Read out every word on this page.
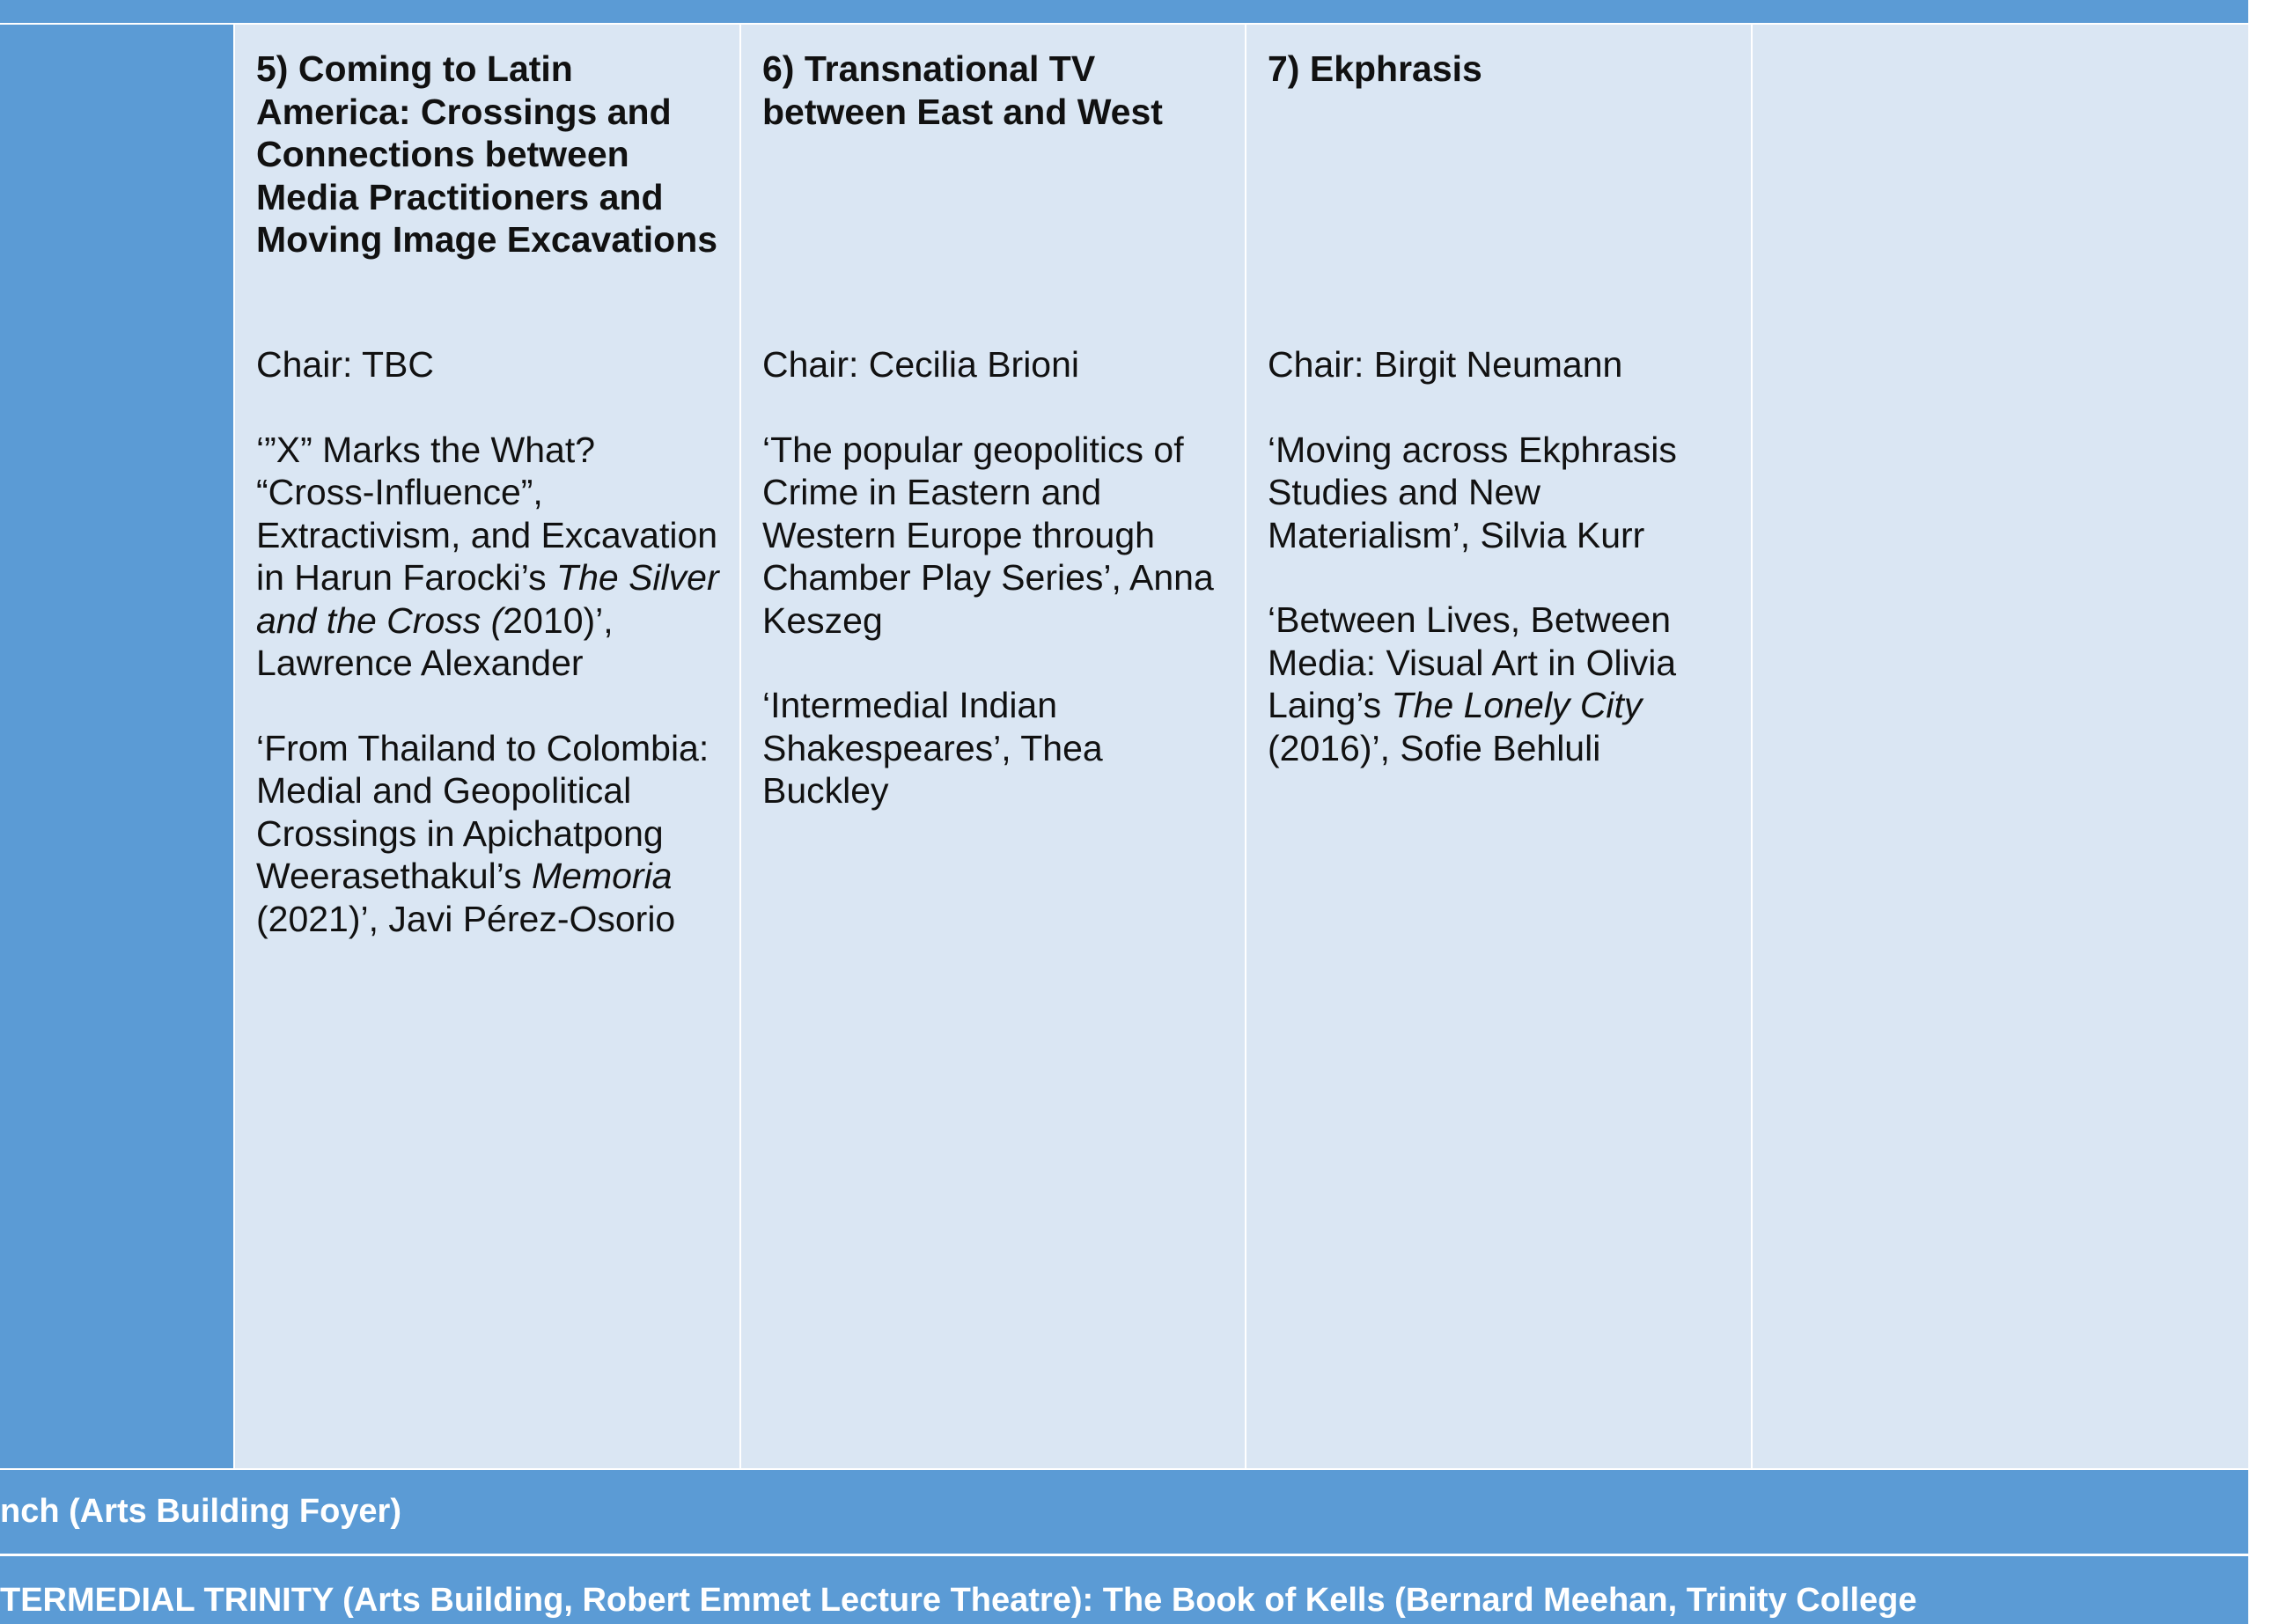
5) Coming to Latin America: Crossings and Connections between Media Practitioners and Moving Image Excavations

Chair: TBC

‘”X” Marks the What? “Cross-Influence”, Extractivism, and Excavation in Harun Farocki’s The Silver and the Cross (2010)’, Lawrence Alexander

‘From Thailand to Colombia: Medial and Geopolitical Crossings in Apichatpong Weerasethakul’s Memoria (2021)’, Javi Pérez-Osorio

6) Transnational TV between East and West

Chair: Cecilia Brioni

‘The popular geopolitics of Crime in Eastern and Western Europe through Chamber Play Series’, Anna Keszeg

‘Intermedial Indian Shakespeares’, Thea Buckley

7) Ekphrasis

Chair: Birgit Neumann

‘Moving across Ekphrasis Studies and New Materialism’, Silvia Kurr

‘Between Lives, Between Media: Visual Art in Olivia Laing’s The Lonely City (2016)’, Sofie Behluli

nch (Arts Building Foyer)
TERMEDIAL TRINITY (Arts Building, Robert Emmet Lecture Theatre): The Book of Kells (Bernard Meehan, Trinity College
